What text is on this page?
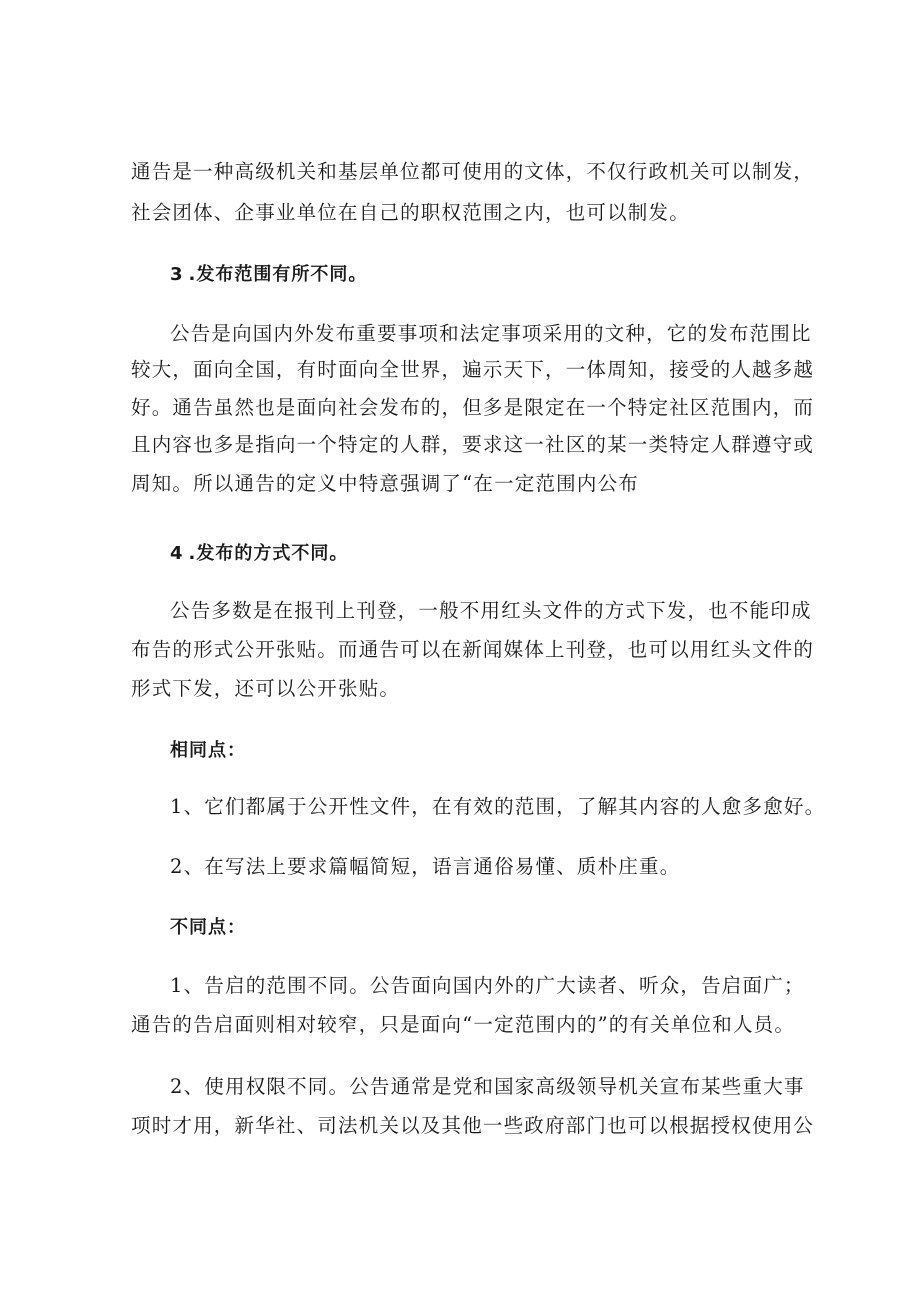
通告是一种高级机关和基层单位都可使用的文体，不仅行政机关可以制发，
社会团体、企事业单位在自己的职权范围之内，也可以制发。
3.发布范围有所不同。
公告是向国内外发布重要事项和法定事项采用的文种，它的发布范围比
较大，面向全国，有时面向全世界，遍示天下，一体周知，接受的人越多越
好。通告虽然也是面向社会发布的，但多是限定在一个特定社区范围内，而
且内容也多是指向一个特定的人群，要求这一社区的某一类特定人群遵守或
周知。所以通告的定义中特意强调了“在一定范围内公布
4.发布的方式不同。
公告多数是在报刊上刊登，一般不用红头文件的方式下发，也不能印成
布告的形式公开张贴。而通告可以在新闻媒体上刊登，也可以用红头文件的
形式下发，还可以公开张贴。
相同点：
1、它们都属于公开性文件，在有效的范围，了解其内容的人愈多愈好。
2、在写法上要求篇幅简短，语言通俗易懂、质朴庄重。
不同点：
1、告启的范围不同。公告面向国内外的广大读者、听众，告启面广；
通告的告启面则相对较窄，只是面向“一定范围内的”的有关单位和人员。
2、使用权限不同。公告通常是党和国家高级领导机关宣布某些重大事
项时才用，新华社、司法机关以及其他一些政府部门也可以根据授权使用公
